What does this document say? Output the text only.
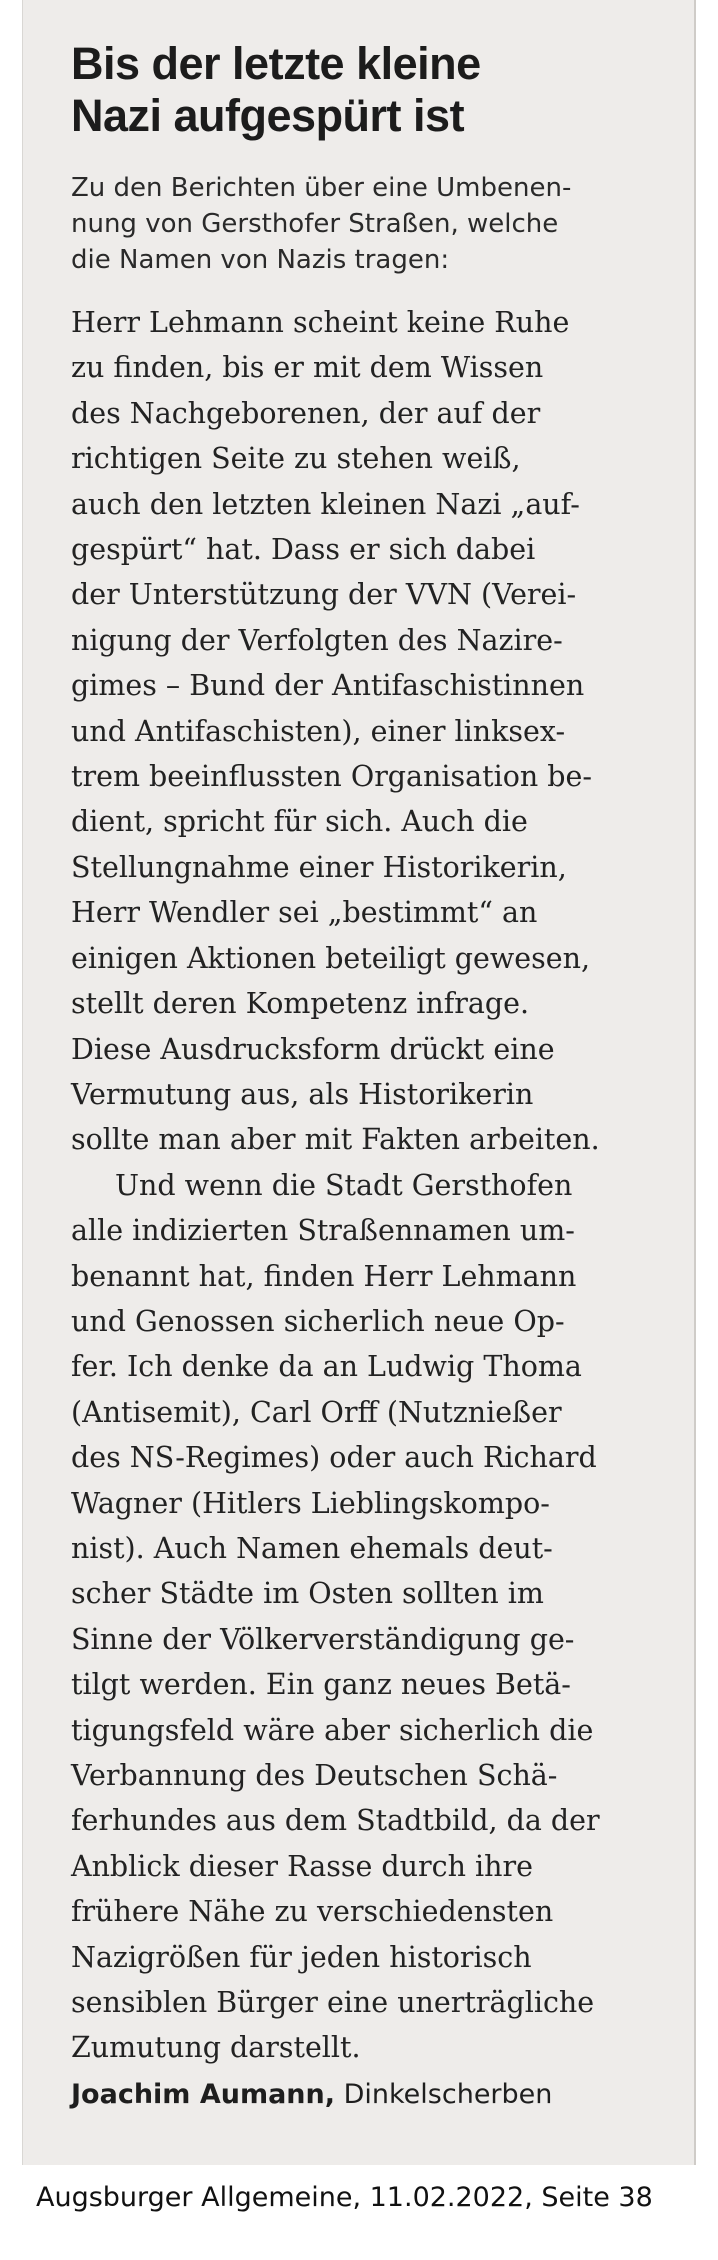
Bis der letzte kleine
Nazi aufgespürt ist
Zu den Berichten über eine Umbenen-
nung von Gersthofer Straßen, welche
die Namen von Nazis tragen:
Herr Lehmann scheint keine Ruhe
zu finden, bis er mit dem Wissen
des Nachgeborenen, der auf der
richtigen Seite zu stehen weiß,
auch den letzten kleinen Nazi „auf-
gespürt“ hat. Dass er sich dabei
der Unterstützung der VVN (Verei-
nigung der Verfolgten des Nazire-
gimes – Bund der Antifaschistinnen
und Antifaschisten), einer linksex-
trem beeinflussten Organisation be-
dient, spricht für sich. Auch die
Stellungnahme einer Historikerin,
Herr Wendler sei „bestimmt“ an
einigen Aktionen beteiligt gewesen,
stellt deren Kompetenz infrage.
Diese Ausdrucksform drückt eine
Vermutung aus, als Historikerin
sollte man aber mit Fakten arbeiten.
Und wenn die Stadt Gersthofen
alle indizierten Straßennamen um-
benannt hat, finden Herr Lehmann
und Genossen sicherlich neue Op-
fer. Ich denke da an Ludwig Thoma
(Antisemit), Carl Orff (Nutznießer
des NS-Regimes) oder auch Richard
Wagner (Hitlers Lieblingskompo-
nist). Auch Namen ehemals deut-
scher Städte im Osten sollten im
Sinne der Völkerverständigung ge-
tilgt werden. Ein ganz neues Betä-
tigungsfeld wäre aber sicherlich die
Verbannung des Deutschen Schä-
ferhundes aus dem Stadtbild, da der
Anblick dieser Rasse durch ihre
frühere Nähe zu verschiedensten
Nazigrößen für jeden historisch
sensiblen Bürger eine unerträgliche
Zumutung darstellt.
Joachim Aumann, Dinkelscherben
Augsburger Allgemeine, 11.02.2022, Seite 38
